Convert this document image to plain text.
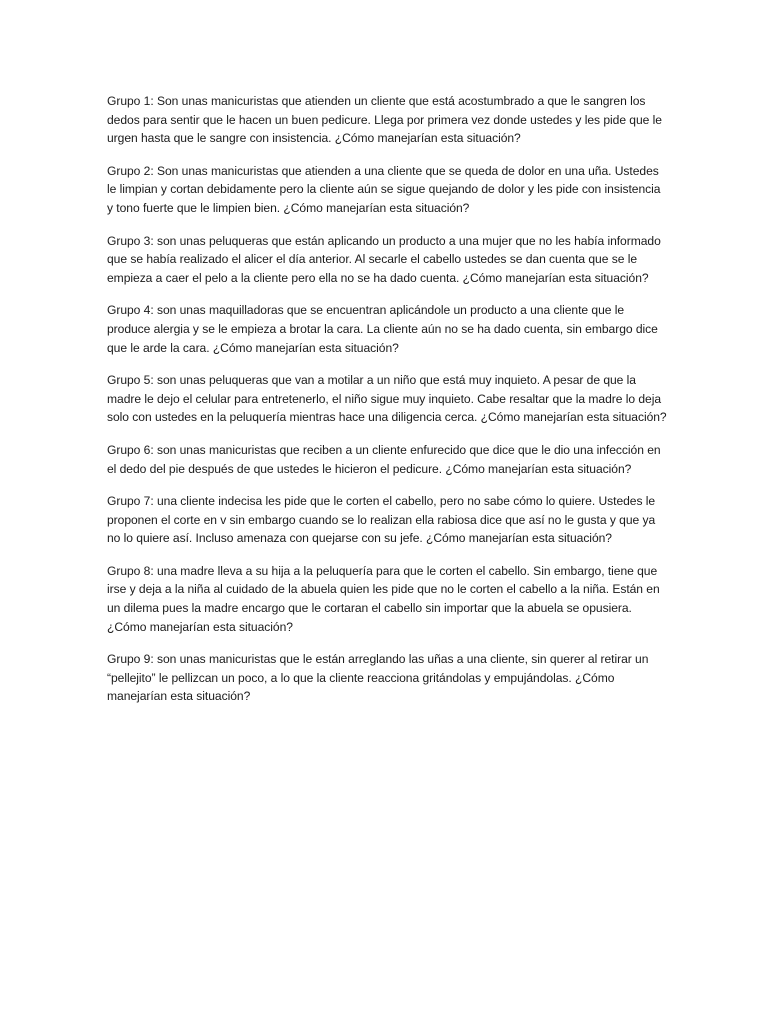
Grupo 1: Son unas manicuristas que atienden un cliente que está acostumbrado a que le sangren los dedos para sentir que le hacen un buen pedicure. Llega por primera vez donde ustedes y les pide que le urgen hasta que le sangre con insistencia. ¿Cómo manejarían esta situación?

Grupo 2: Son unas manicuristas que atienden a una cliente que se queda de dolor en una uña. Ustedes le limpian y cortan debidamente pero la cliente aún se sigue quejando de dolor y les pide con insistencia y tono fuerte que le limpien bien. ¿Cómo manejarían esta situación?

Grupo 3: son unas peluqueras que están aplicando un producto a una mujer que no les había informado que se había realizado el alicer el día anterior. Al secarle el cabello ustedes se dan cuenta que se le empieza a caer el pelo a la cliente pero ella no se ha dado cuenta. ¿Cómo manejarían esta situación?

Grupo 4: son unas maquilladoras que se encuentran aplicándole un producto a una cliente que le produce alergia y se le empieza a brotar la cara. La cliente aún no se ha dado cuenta, sin embargo dice que le arde la cara. ¿Cómo manejarían esta situación?

Grupo 5: son unas peluqueras que van a motilar a un niño que está muy inquieto. A pesar de que la madre le dejo el celular para entretenerlo, el niño sigue muy inquieto. Cabe resaltar que la madre lo deja solo con ustedes en la peluquería mientras hace una diligencia cerca. ¿Cómo manejarían esta situación?

Grupo 6: son unas manicuristas que reciben a un cliente enfurecido que dice que le dio una infección en el dedo del pie después de que ustedes le hicieron el pedicure. ¿Cómo manejarían esta situación?

Grupo 7: una cliente indecisa les pide que le corten el cabello, pero no sabe cómo lo quiere. Ustedes le proponen el corte en v sin embargo cuando se lo realizan ella rabiosa dice que así no le gusta y que ya no lo quiere así. Incluso amenaza con quejarse con su jefe. ¿Cómo manejarían esta situación?

Grupo 8: una madre lleva a su hija a la peluquería para que le corten el cabello. Sin embargo, tiene que irse y deja a la niña al cuidado de la abuela quien les pide que no le corten el cabello a la niña. Están en un dilema pues la madre encargo que le cortaran el cabello sin importar que la abuela se opusiera. ¿Cómo manejarían esta situación?

Grupo 9: son unas manicuristas que le están arreglando las uñas a una cliente, sin querer al retirar un “pellejito” le pellizcan un poco, a lo que la cliente reacciona gritándolas y empujándolas. ¿Cómo manejarían esta situación?
